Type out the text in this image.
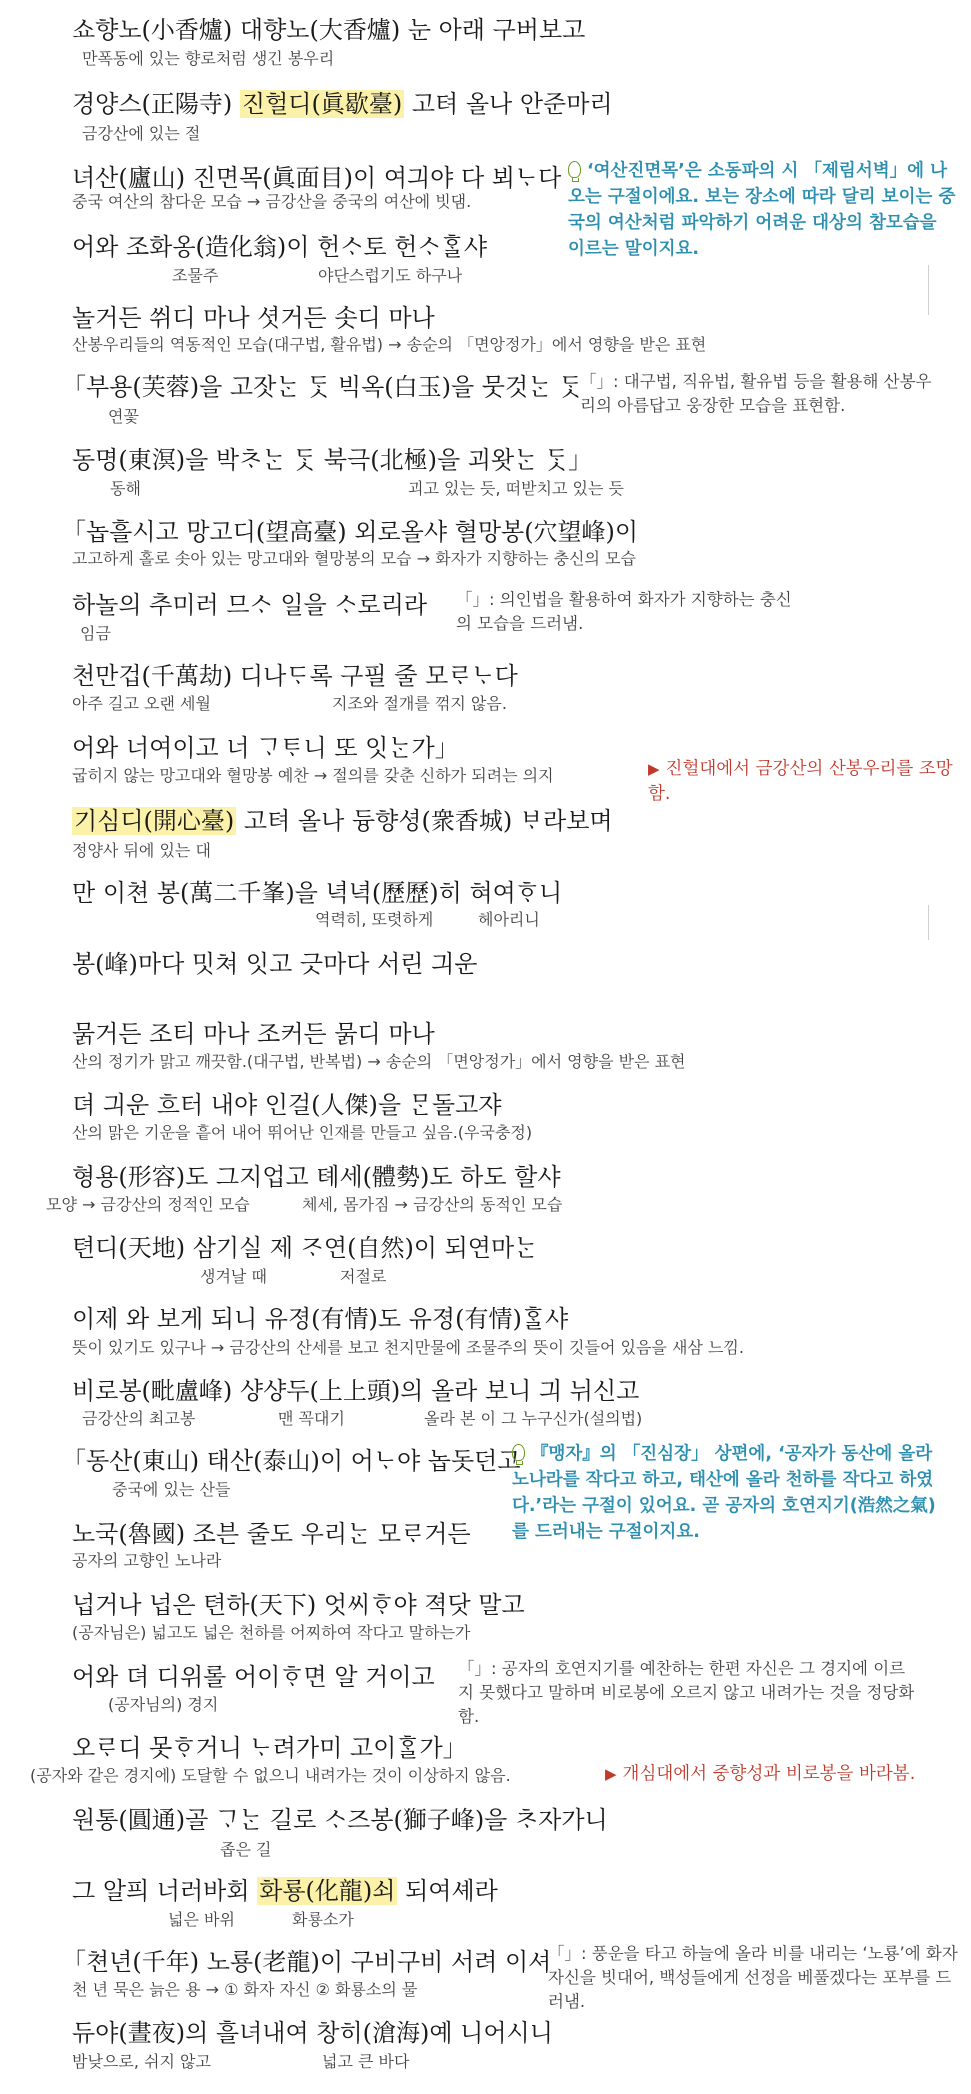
쇼향노(小香爐) 대향노(大香爐) 눈 아래 구버보고
만폭동에 있는 향로처럼 생긴 봉우리
경양스(正陽寺) 진헐디(眞歇臺) 고텨 올나 안준마리
금강산에 있는 절
녀산(廬山) 진면목(眞面目)이 여긔야 다 뵈ᄂᆞ다
중국 여산의 참다운 모습 → 금강산을 중국의 여산에 빗댐.
‘여산진면목’은 소동파의 시 「제림서벽」에 나오는 구절이에요. 보는 장소에 따라 달리 보이는 중국의 여산처럼 파악하기 어려운 대상의 참모습을 이르는 말이지요.
어와 조화옹(造化翁)이 헌ᄉᆞ토 헌ᄉᆞᄒᆞᆯ샤
조물주	야단스럽기도 하구나
놀거든 쒸디 마나 셧거든 솟디 마나
산봉우리들의 역동적인 모습(대구법, 활유법) → 송순의 「면앙정가」에서 영향을 받은 표현
「부용(芙蓉)을 고잣ᄂᆞᆫ ᄃᆞᆺ 빅옥(白玉)을 뭇것ᄂᆞᆫ ᄃᆞᆺ
연꽃
「」: 대구법, 직유법, 활유법 등을 활용해 산봉우리의 아름답고 웅장한 모습을 표현함.
동명(東溟)을 박ᄎᆞᄂᆞᆫ ᄃᆞᆺ 북극(北極)을 괴왓ᄂᆞᆫ ᄃᆞᆺ」
동해	괴고 있는 듯, 떠받치고 있는 듯
「놉흘시고 망고디(望高臺) 외로올샤 혈망봉(穴望峰)이
고고하게 홀로 솟아 있는 망고대와 혈망봉의 모습 → 화자가 지향하는 충신의 모습
하놀의 추미러 므ᄉᆞ 일을 ᄉᆞ로리라
임금
「」: 의인법을 활용하여 화자가 지향하는 충신의 모습을 드러냄.
천만겁(千萬劫) 디나ᄃᆞ록 구필 줄 모ᄅᆞᄂᆞ다
아주 길고 오랜 세월	지조와 절개를 꺾지 않음.
어와 너여이고 너 ᄀᆞᄐᆞ니 또 잇ᄂᆞᆫ가」
굽히지 않는 망고대와 혈망봉 예찬 → 절의를 갖춘 신하가 되려는 의지	▶ 진헐대에서 금강산의 산봉우리를 조망함.
기심디(開心臺) 고텨 올나 듕향셩(衆香城) ᄇᆞ라보며
정양사 뒤에 있는 대
만 이쳔 봉(萬二千峯)을 녁녁(歷歷)히 혀여ᄒᆞ니
역력히, 또렷하게	헤아리니
봉(峰)마다 밋쳐 잇고 긋마다 서린 긔운
묽거든 조티 마나 조커든 묽디 마나
산의 정기가 맑고 깨끗함.(대구법, 반복법) → 송순의 「면앙정가」에서 영향을 받은 표현
뎌 긔운 흐터 내야 인걸(人傑)을 ᄆᆞᆫ돌고쟈
산의 맑은 기운을 흩어 내어 뛰어난 인재를 만들고 싶음.(우국충정)
형용(形容)도 그지업고 톄세(體勢)도 하도 할샤
모양 → 금강산의 정적인 모습	체세, 몸가짐 → 금강산의 동적인 모습
텬디(天地) 삼기실 제 ᄌᆞ연(自然)이 되연마ᄂᆞᆫ
생겨날 때	저절로
이제 와 보게 되니 유졍(有情)도 유졍(有情)ᄒᆞᆯ샤
뜻이 있기도 있구나 → 금강산의 산세를 보고 천지만물에 조물주의 뜻이 깃들어 있음을 새삼 느낌.
비로봉(毗盧峰) 샹샹두(上上頭)의 올라 보니 긔 뉘신고
금강산의 최고봉	맨 꼭대기	올라 본 이 그 누구신가(설의법)
「동산(東山) 태산(泰山)이 어ᄂᆞ야 놉돗던고
중국에 있는 산들
『맹자』의 「진심장」 상편에, ‘공자가 동산에 올라 노나라를 작다고 하고, 태산에 올라 천하를 작다고 하였다.’라는 구절이 있어요. 곧 공자의 호연지기(浩然之氣)를 드러내는 구절이지요.
노국(魯國) 조븐 줄도 우리ᄂᆞᆫ 모ᄅᆞ거든
공자의 고향인 노나라
넙거나 넙은 텬하(天下) 엇씨ᄒᆞ야 젹닷 말고
(공자님은) 넓고도 넓은 천하를 어찌하여 작다고 말하는가
어와 뎌 디위롤 어이ᄒᆞ면 알 거이고
(공자님의) 경지
「」: 공자의 호연지기를 예찬하는 한편 자신은 그 경지에 이르지 못했다고 말하며 비로봉에 오르지 않고 내려가는 것을 정당화함.
오ᄅᆞ디 못ᄒᆞ거니 ᄂᆞ려가미 고이ᄒᆞᆯ가」
(공자와 같은 경지에) 도달할 수 없으니 내려가는 것이 이상하지 않음.	▶ 개심대에서 중향성과 비로봉을 바라봄.
원통(圓通)골 ᄀᆞᄂᆞᆫ 길로 ᄉᆞ즈봉(獅子峰)을 ᄎᆞ자가니
좁은 길
그 알픠 너러바회 화룡(化龍)쇠 되여셰라
넓은 바위	화룡소가
「쳔년(千年) 노룡(老龍)이 구비구비 서려 이셔
천 년 묵은 늙은 용 → ① 화자 자신 ② 화룡소의 물
「」: 풍운을 타고 하늘에 올라 비를 내리는 ‘노룡’에 화자 자신을 빗대어, 백성들에게 선정을 베풀겠다는 포부를 드러냄.
듀야(晝夜)의 흘녀내여 창히(滄海)예 니어시니
밤낮으로, 쉬지 않고	넓고 큰 바다
